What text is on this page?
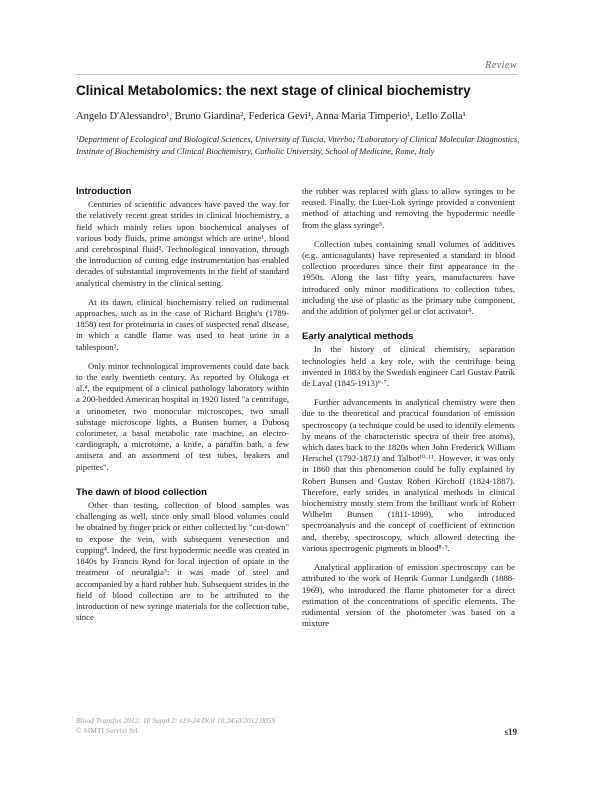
Review
Clinical Metabolomics: the next stage of clinical biochemistry
Angelo D'Alessandro¹, Bruno Giardina², Federica Gevi¹, Anna Maria Timperio¹, Lello Zolla¹
¹Department of Ecological and Biological Sciences, University of Tuscia, Viterbo; ²Laboratory of Clinical Molecular Diagnostics, Institute of Biochemistry and Clinical Biochemistry, Catholic University, School of Medicine, Rome, Italy
Introduction

Centuries of scientific advances have paved the way for the relatively recent great strides in clinical biochemistry, a field which mainly relies upon biochemical analyses of various body fluids, prime amongst which are urine¹, blood and cerebrospinal fluid². Technological innovation, through the introduction of cutting edge instrumentation has enabled decades of substantial improvements in the field of standard analytical chemistry in the clinical setting.

At its dawn, clinical biochemistry relied on rudimental approaches, such as in the case of Richard Bright's (1789-1858) test for proteinuria in cases of suspected renal disease, in which a candle flame was used to heat urine in a tablespoon³.

Only minor technological improvements could date back to the early twentieth century. As reported by Olukoga et al.⁴, the equipment of a clinical pathology laboratory within a 200-bedded American hospital in 1920 listed "a centrifuge, a urinometer, two monocular microscopes, two small substage microscope lights, a Bunsen burner, a Dubosq colorimeter, a basal metabolic rate machine, an electro-cardiograph, a microtome, a knife, a paraffin bath, a few antisera and an assortment of test tubes, beakers and pipettes".

The dawn of blood collection

Other than testing, collection of blood samples was challenging as well, since only small blood volumes could be obtained by finger prick or either collected by "cut-down" to expose the vein, with subsequent venesection and cupping⁴. Indeed, the first hypodermic needle was created in 1840s by Francis Rynd for local injection of opiate in the treatment of neuralgia⁵: it was made of steel and accompanied by a hard rubber hub. Subsequent strides in the field of blood collection are to be attributed to the introduction of new syringe materials for the collection tube, since

the rubber was replaced with glass to allow syringes to be reused. Finally, the Luer-Lok syringe provided a convenient method of attaching and removing the hypodermic needle from the glass syringe⁵.

Collection tubes containing small volumes of additives (e.g. anticoagulants) have represented a standard in blood collection procedures since their first appearance in the 1950s. Along the last fifty years, manufacturers have introduced only minor modifications to collection tubes, including the use of plastic as the primary tube component, and the addition of polymer gel or clot activator⁵.

Early analytical methods

In the history of clinical chemistry, separation technologies held a key role, with the centrifuge being invented in 1883 by the Swedish engineer Carl Gustav Patrik de Laval (1845-1913)⁶·⁷.

Further advancements in analytical chemistry were then due to the theoretical and practical foundation of emission spectroscopy (a technique could be used to identify elements by means of the characteristic spectra of their free atoms), which dates back to the 1820s when John Frederick William Herschel (1792-1871) and Talbot¹⁰·¹¹. However, it was only in 1860 that this phenomenon could be fully explained by Robert Bunsen and Gustav Robert Kirchoff (1824-1887). Therefore, early strides in analytical methods in clinical biochemistry mostly stem from the brilliant work of Robert Wilhelm Bunsen (1811-1899), who introduced spectroanalysis and the concept of coefficient of extinction and, thereby, spectroscopy, which allowed detecting the various spectrogenic pigments in blood⁸·⁹.

Analytical application of emission spectroscopy can be attributed to the work of Henrik Gunnar Lundgardh (1888-1969), who introduced the flame photometer for a direct estimation of the concentrations of specific elements. The rudimental version of the photometer was based on a mixture

Blood Transfus 2012; 10 Suppl 2: s19-24 DOI 10.2450/2012.005S
© SIMTI Servizi Srl	s19
